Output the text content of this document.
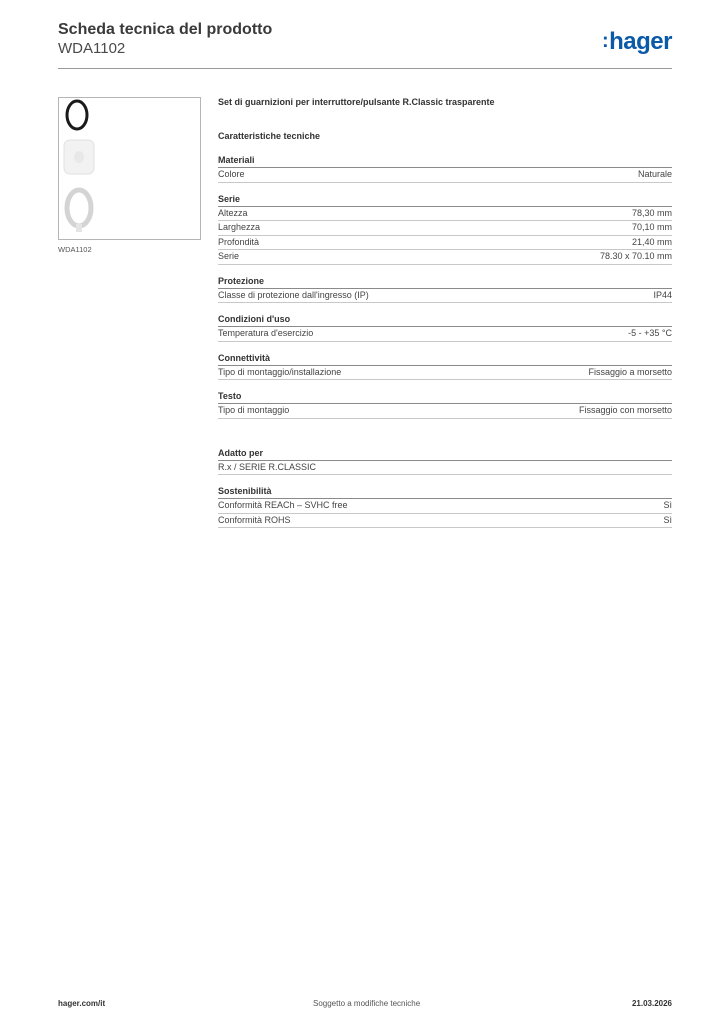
Scheda tecnica del prodotto
WDA1102	:hager
WDA1102
Set di guarnizioni per interruttore/pulsante R.Classic trasparente
Caratteristiche tecniche
Materiali
Colore	Naturale
Serie
Altezza	78,30 mm
Larghezza	70,10 mm
Profondità	21,40 mm
Serie	78.30 x 70.10 mm
Protezione
Classe di protezione dall'ingresso (IP)	IP44
Condizioni d'uso
Temperatura d'esercizio	-5 - +35 °C
Connettività
Tipo di montaggio/installazione	Fissaggio a morsetto
Testo
Tipo di montaggio	Fissaggio con morsetto
Adatto per
R.x / SERIE R.CLASSIC
Sostenibilità
Conformità REACh – SVHC free	Sì
Conformità ROHS	Sì
hager.com/it	Soggetto a modifiche tecniche	21.03.2026
